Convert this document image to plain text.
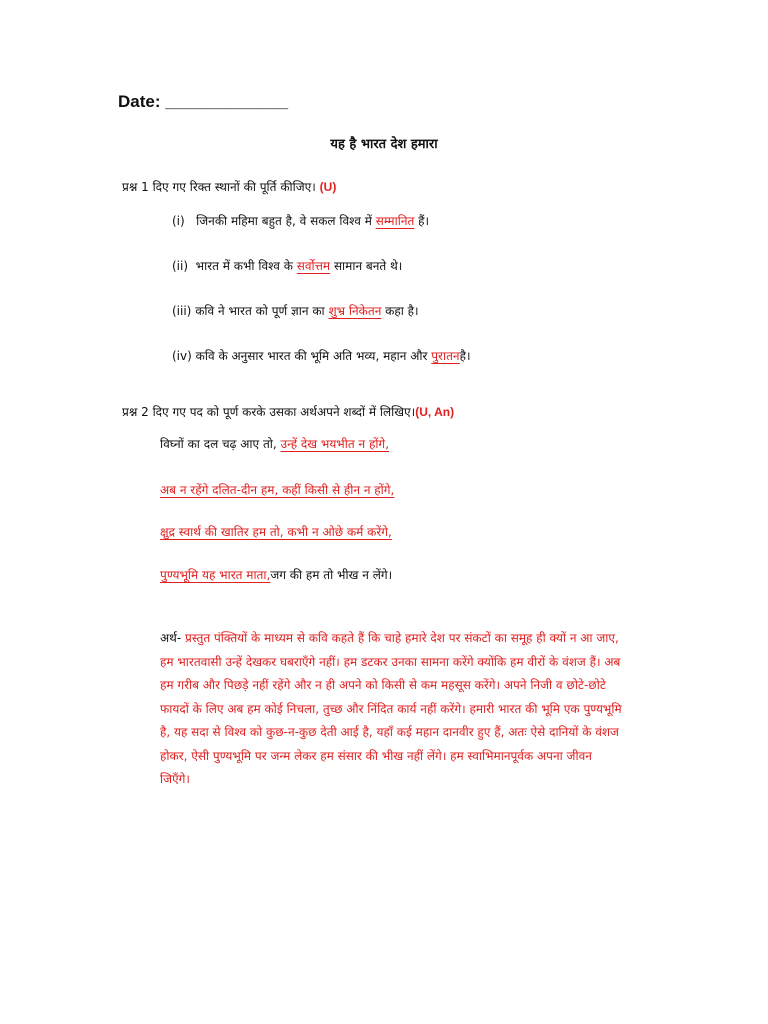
Date: _____________
यह है भारत देश हमारा
प्रश्न 1 दिए गए रिक्त स्थानों की पूर्ति कीजिए। (U)
(i) जिनकी महिमा बहुत है, वे सकल विश्व में सम्मानित हैं।
(ii) भारत में कभी विश्व के सर्वोत्तम सामान बनते थे।
(iii) कवि ने भारत को पूर्ण ज्ञान का शुभ्र निकेतन कहा है।
(iv) कवि के अनुसार भारत की भूमि अति भव्य, महान और पुरातनहै।
प्रश्न 2 दिए गए पद को पूर्ण करके उसका अर्थअपने शब्दों में लिखिए।(U, An)
विघ्नों का दल चढ़ आए तो, उन्हें देख भयभीत न होंगे,
अब न रहेंगे दलित-दीन हम, कहीं किसी से हीन न होंगे,
क्षुद्र स्वार्थ की खातिर हम तो, कभी न ओछे कर्म करेंगे,
पुण्यभूमि यह भारत माता,जग की हम तो भीख न लेंगे।
अर्थ- प्रस्तुत पंक्तियों के माध्यम से कवि कहते हैं कि चाहे हमारे देश पर संकटों का समूह ही क्यों न आ जाए, हम भारतवासी उन्हें देखकर घबराएँगे नहीं। हम डटकर उनका सामना करेंगे क्योंकि हम वीरों के वंशज हैं। अब हम गरीब और पिछड़े नहीं रहेंगे और न ही अपने को किसी से कम महसूस करेंगे। अपने निजी व छोटे-छोटे फायदों के लिए अब हम कोई निचला, तुच्छ और निंदित कार्य नहीं करेंगे। हमारी भारत की भूमि एक पुण्यभूमि है, यह सदा से विश्व को कुछ-न-कुछ देती आई है, यहाँ कई महान दानवीर हुए हैं, अतः ऐसे दानियों के वंशज होकर, ऐसी पुण्यभूमि पर जन्म लेकर हम संसार की भीख नहीं लेंगे। हम स्वाभिमानपूर्वक अपना जीवन जिएँगे।
